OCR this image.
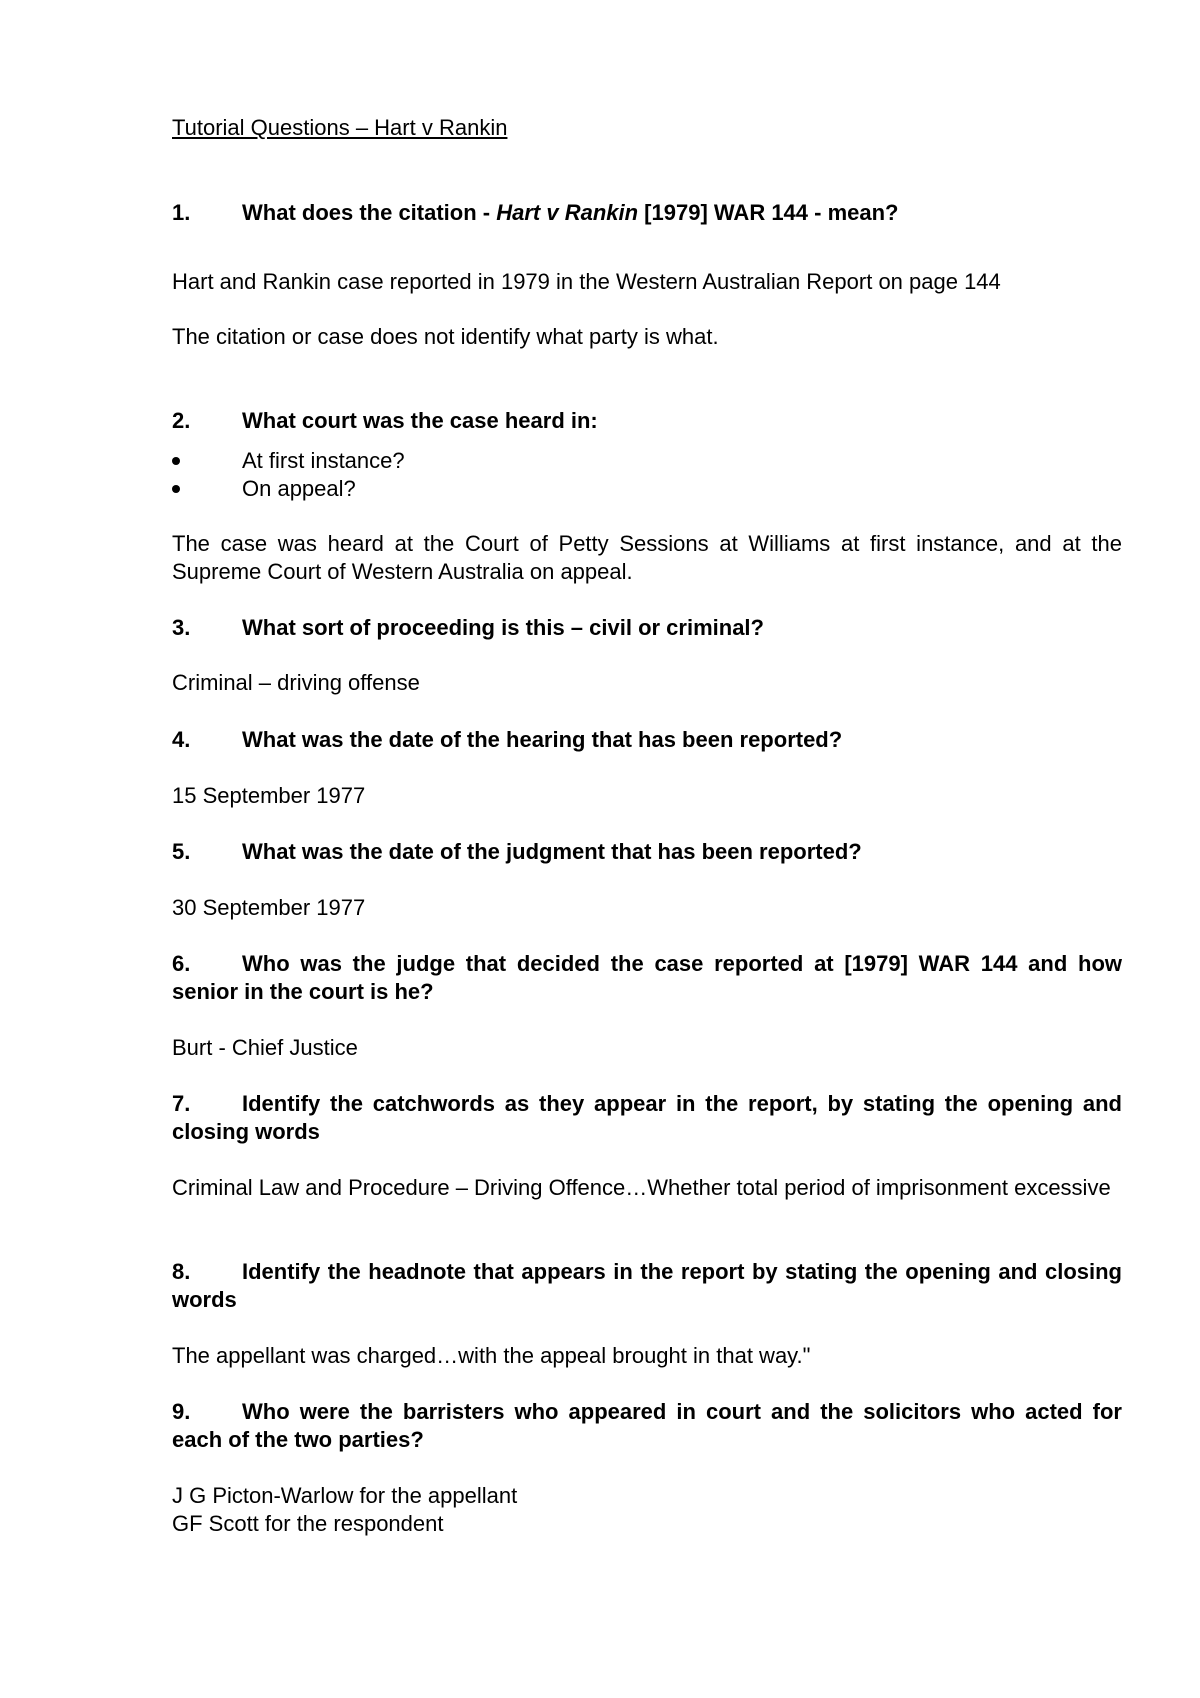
Tutorial Questions – Hart v Rankin

1. What does the citation - Hart v Rankin [1979] WAR 144 - mean?

Hart and Rankin case reported in 1979 in the Western Australian Report on page 144

The citation or case does not identify what party is what.

2. What court was the case heard in:

At first instance?
On appeal?

The case was heard at the Court of Petty Sessions at Williams at first instance, and at the Supreme Court of Western Australia on appeal.

3. What sort of proceeding is this – civil or criminal?

Criminal – driving offense

4. What was the date of the hearing that has been reported?

15 September 1977

5. What was the date of the judgment that has been reported?

30 September 1977

6. Who was the judge that decided the case reported at [1979] WAR 144 and how senior in the court is he?

Burt - Chief Justice

7. Identify the catchwords as they appear in the report, by stating the opening and closing words

Criminal Law and Procedure – Driving Offence…Whether total period of imprisonment excessive

8. Identify the headnote that appears in the report by stating the opening and closing words

The appellant was charged…with the appeal brought in that way."

9. Who were the barristers who appeared in court and the solicitors who acted for each of the two parties?

J G Picton-Warlow for the appellant

GF Scott for the respondent
